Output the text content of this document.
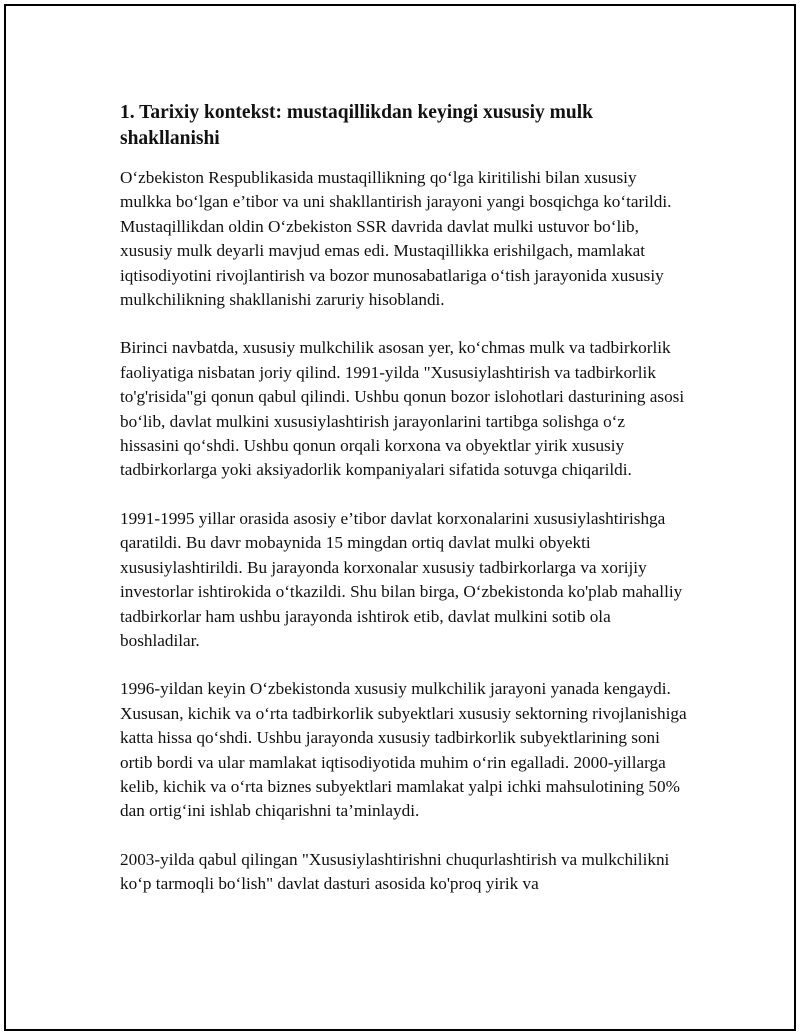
1. Tarixiy kontekst: mustaqillikdan keyingi xususiy mulk shakllanishi

O‘zbekiston Respublikasida mustaqillikning qo‘lga kiritilishi bilan xususiy mulkka bo‘lgan e’tibor va uni shakllantirish jarayoni yangi bosqichga ko‘tarildi. Mustaqillikdan oldin O‘zbekiston SSR davrida davlat mulki ustuvor bo‘lib, xususiy mulk deyarli mavjud emas edi. Mustaqillikka erishilgach, mamlakat iqtisodiyotini rivojlantirish va bozor munosabatlariga o‘tish jarayonida xususiy mulkchilikning shakllanishi zaruriy hisoblandi.

Birinci navbatda, xususiy mulkchilik asosan yer, ko‘chmas mulk va tadbirkorlik faoliyatiga nisbatan joriy qilind. 1991-yilda "Xususiylashtirish va tadbirkorlik to'g'risida"gi qonun qabul qilindi. Ushbu qonun bozor islohotlari dasturining asosi bo‘lib, davlat mulkini xususiylashtirish jarayonlarini tartibga solishga o‘z hissasini qo‘shdi. Ushbu qonun orqali korxona va obyektlar yirik xususiy tadbirkorlarga yoki aksiyadorlik kompaniyalari sifatida sotuvga chiqarildi.

1991-1995 yillar orasida asosiy e’tibor davlat korxonalarini xususiylashtirishga qaratildi. Bu davr mobaynida 15 mingdan ortiq davlat mulki obyekti xususiylashtirildi. Bu jarayonda korxonalar xususiy tadbirkorlarga va xorijiy investorlar ishtirokida o‘tkazildi. Shu bilan birga, O‘zbekistonda ko'plab mahalliy tadbirkorlar ham ushbu jarayonda ishtirok etib, davlat mulkini sotib ola boshladilar.

1996-yildan keyin O‘zbekistonda xususiy mulkchilik jarayoni yanada kengaydi. Xususan, kichik va o‘rta tadbirkorlik subyektlari xususiy sektorning rivojlanishiga katta hissa qo‘shdi. Ushbu jarayonda xususiy tadbirkorlik subyektlarining soni ortib bordi va ular mamlakat iqtisodiyotida muhim o‘rin egalladi. 2000-yillarga kelib, kichik va o‘rta biznes subyektlari mamlakat yalpi ichki mahsulotining 50% dan ortig‘ini ishlab chiqarishni ta’minlaydi.

2003-yilda qabul qilingan "Xususiylashtirishni chuqurlashtirish va mulkchilikni ko‘p tarmoqli bo‘lish" davlat dasturi asosida ko'proq yirik va
